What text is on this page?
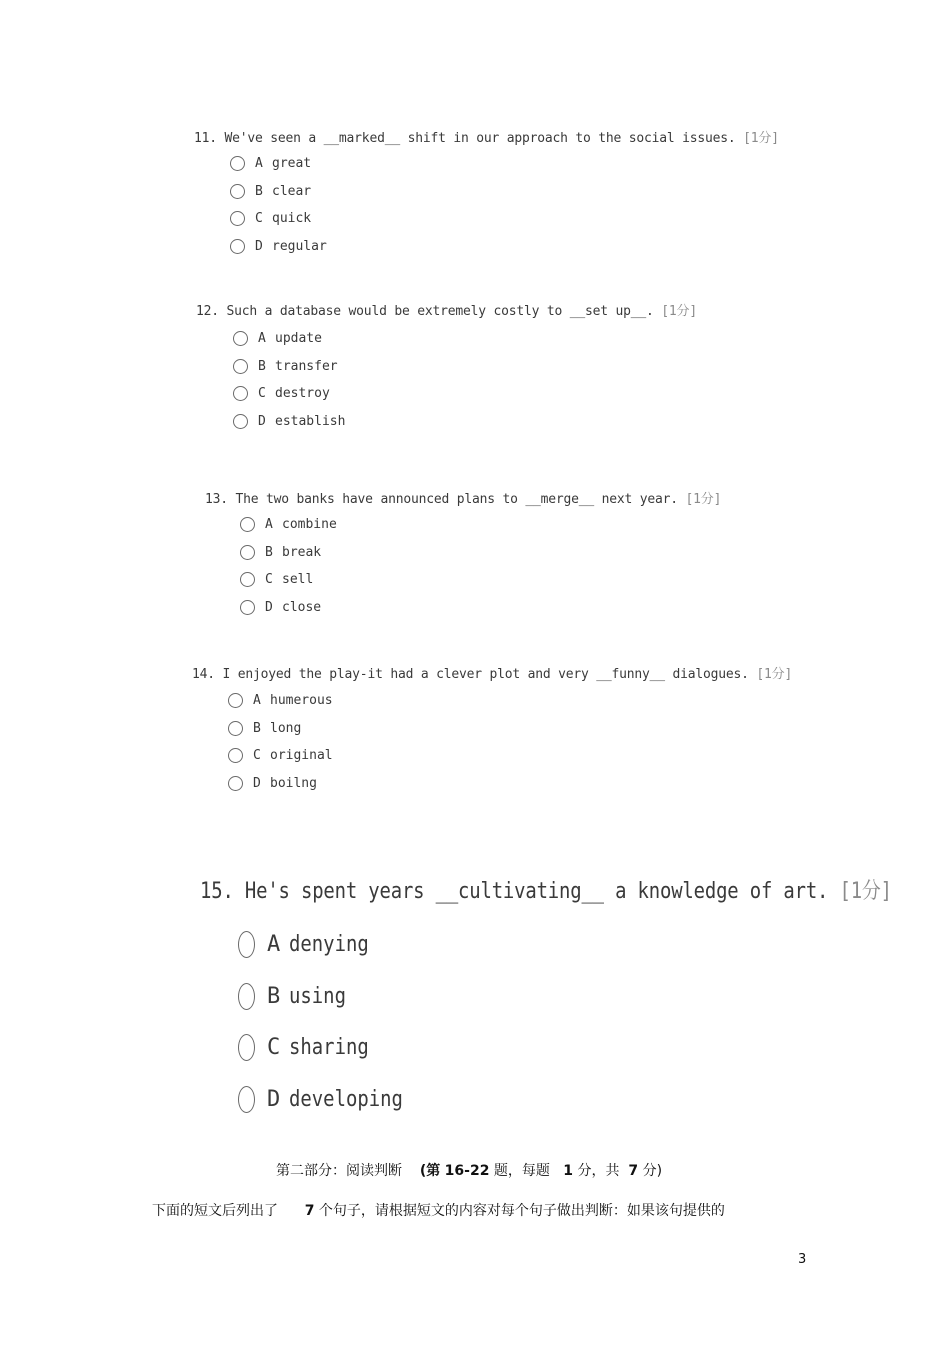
11. We've seen a __marked__ shift in our approach to the social issues. [1分]
A great
B clear
C quick
D regular
12. Such a database would be extremely costly to __set up__. [1分]
A update
B transfer
C destroy
D establish
13. The two banks have announced plans to __merge__ next year. [1分]
A combine
B break
C sell
D close
14. I enjoyed the play-it had a clever plot and very __funny__ dialogues. [1分]
A humerous
B long
C original
D boilng
15. He's spent years __cultivating__ a knowledge of art. [1分]
A denying
B using
C sharing
D developing
第二部分：阅读判断 (第 16-22 题，每题 1 分，共 7 分)
下面的短文后列出了 7 个句子，请根据短文的内容对每个句子做出判断：如果该句提供的
3
